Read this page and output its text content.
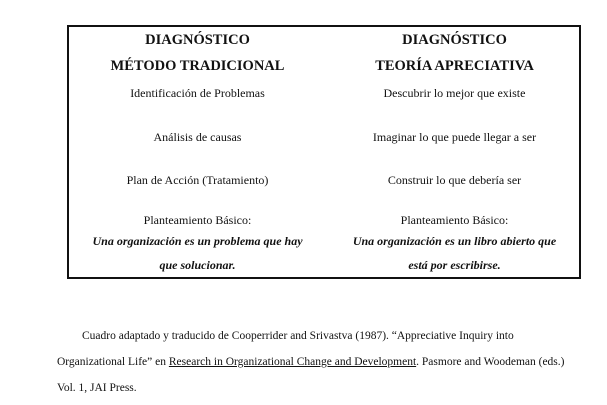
DIAGNÓSTICO
MÉTODO TRADICIONAL
Identificación de Problemas
Análisis de causas
Plan de Acción (Tratamiento)
Planteamiento Básico:
Una organización es un problema que hay
que solucionar.
DIAGNÓSTICO
TEORÍA APRECIATIVA
Descubrir lo mejor que existe
Imaginar lo que puede llegar a ser
Construir lo que debería ser
Planteamiento Básico:
Una organización es un libro abierto que
está por escribirse.
Cuadro adaptado y traducido de Cooperrider and Srivastva (1987). “Appreciative Inquiry into Organizational Life” en Research in Organizational Change and Development. Pasmore and Woodeman (eds.) Vol. 1, JAI Press.
